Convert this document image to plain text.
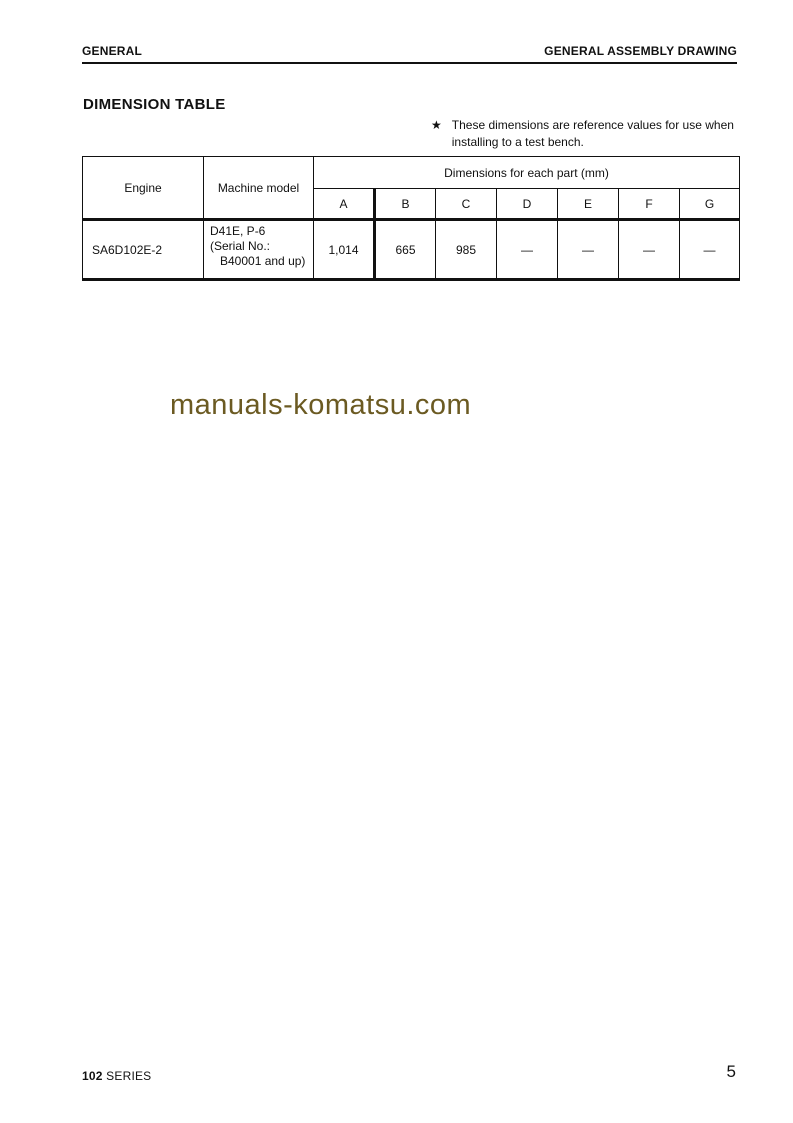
GENERAL	GENERAL ASSEMBLY DRAWING
DIMENSION TABLE
★ These dimensions are reference values for use when installing to a test bench.
Engine	Machine model	Dimensions for each part (mm)						
		A	B	C	D	E	F	G
SA6D102E-2	D41E, P-6
(Serial No.:
B40001 and up)	1,014	665	985	—	—	—	—
manuals-komatsu.com
102 SERIES	5
